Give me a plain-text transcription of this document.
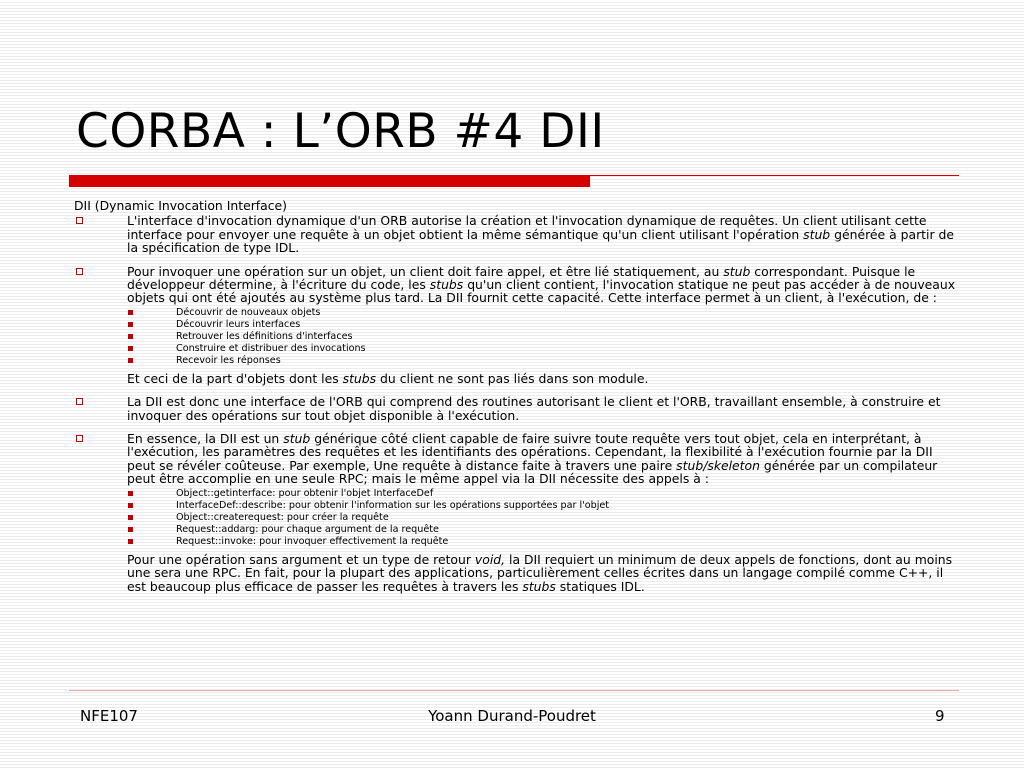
CORBA : L’ORB #4 DII

DII (Dynamic Invocation Interface)

L'interface d'invocation dynamique d'un ORB autorise la création et l'invocation dynamique de requêtes. Un client utilisant cette interface pour envoyer une requête à un objet obtient la même sémantique qu'un client utilisant l'opération stub générée à partir de la spécification de type IDL.

Pour invoquer une opération sur un objet, un client doit faire appel, et être lié statiquement, au stub correspondant. Puisque le développeur détermine, à l'écriture du code, les stubs qu'un client contient, l'invocation statique ne peut pas accéder à de nouveaux objets qui ont été ajoutés au système plus tard. La DII fournit cette capacité. Cette interface permet à un client, à l'exécution, de :

Découvrir de nouveaux objets
Découvrir leurs interfaces
Retrouver les définitions d'interfaces
Construire et distribuer des invocations
Recevoir les réponses

Et ceci de la part d'objets dont les stubs du client ne sont pas liés dans son module.

La DII est donc une interface de l'ORB qui comprend des routines autorisant le client et l'ORB, travaillant ensemble, à construire et invoquer des opérations sur tout objet disponible à l'exécution.

En essence, la DII est un stub générique côté client capable de faire suivre toute requête vers tout objet, cela en interprétant, à l'exécution, les paramètres des requêtes et les identifiants des opérations. Cependant, la flexibilité à l'exécution fournie par la DII peut se révéler coûteuse. Par exemple, Une requête à distance faite à travers une paire stub/skeleton générée par un compilateur peut être accomplie en une seule RPC; mais le même appel via la DII nécessite des appels à :

Object::getinterface: pour obtenir l'objet InterfaceDef
InterfaceDef::describe: pour obtenir l'information sur les opérations supportées par l'objet
Object::createrequest: pour créer la requête
Request::addarg: pour chaque argument de la requête
Request::invoke: pour invoquer effectivement la requête

Pour une opération sans argument et un type de retour void, la DII requiert un minimum de deux appels de fonctions, dont au moins une sera une RPC. En fait, pour la plupart des applications, particulièrement celles écrites dans un langage compilé comme C++, il est beaucoup plus efficace de passer les requêtes à travers les stubs statiques IDL.

NFE107	Yoann Durand-Poudret	9
